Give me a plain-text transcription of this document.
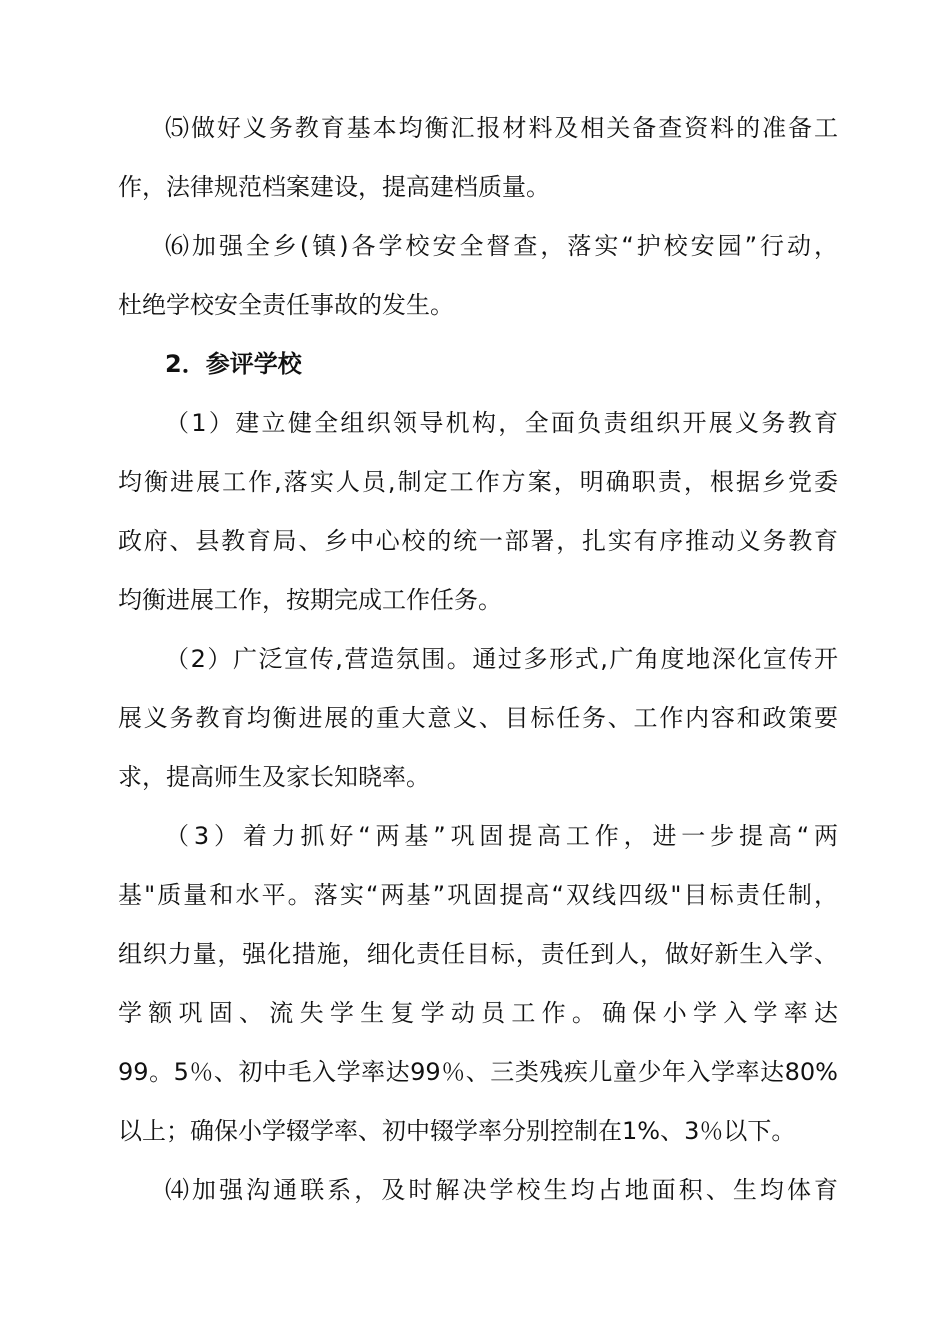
⑸做好义务教育基本均衡汇报材料及相关备查资料的准备工
作，法律规范档案建设，提高建档质量。
⑹加强全乡(镇)各学校安全督查，落实“护校安园”行动，
杜绝学校安全责任事故的发生。
2．参评学校
（1）建立健全组织领导机构，全面负责组织开展义务教育
均衡进展工作,落实人员,制定工作方案，明确职责，根据乡党委
政府、县教育局、乡中心校的统一部署，扎实有序推动义务教育
均衡进展工作，按期完成工作任务。
（2）广泛宣传,营造氛围。通过多形式,广角度地深化宣传开
展义务教育均衡进展的重大意义、目标任务、工作内容和政策要
求，提高师生及家长知晓率。
（3）着力抓好“两基”巩固提高工作，进一步提高“两
基"质量和水平。落实“两基”巩固提高“双线四级"目标责任制，
组织力量，强化措施，细化责任目标，责任到人，做好新生入学、
学额巩固、流失学生复学动员工作。确保小学入学率达
99。5％、初中毛入学率达99％、三类残疾儿童少年入学率达80%
以上；确保小学辍学率、初中辍学率分别控制在1%、3％以下。
⑷加强沟通联系，及时解决学校生均占地面积、生均体育
